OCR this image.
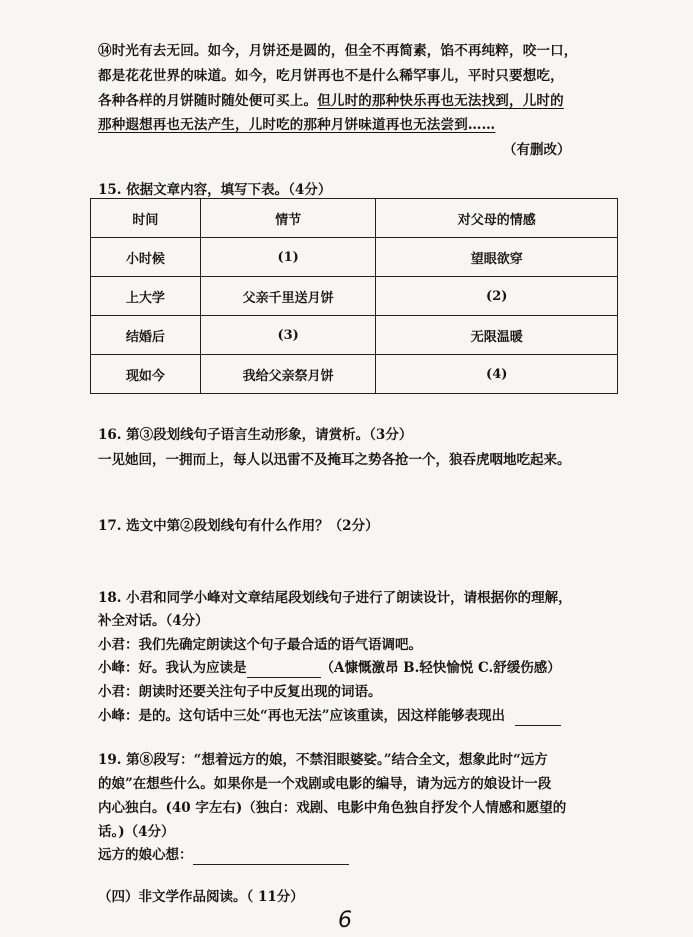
⑭时光有去无回。如今，月饼还是圆的，但全不再简素，馅不再纯粹，咬一口，
都是花花世界的味道。如今，吃月饼再也不是什么稀罕事儿，平时只要想吃，
各种各样的月饼随时随处便可买上。但儿时的那种快乐再也无法找到，儿时的
那种遐想再也无法产生，儿时吃的那种月饼味道再也无法尝到……
（有删改）
15. 依据文章内容，填写下表。（4分）
时间	情节	对父母的情感
小时候	(1)	望眼欲穿
上大学	父亲千里送月饼	(2)
结婚后	(3)	无限温暖
现如今	我给父亲祭月饼	(4)
16. 第③段划线句子语言生动形象，请赏析。（3分）
一见她回，一拥而上，每人以迅雷不及掩耳之势各抢一个，狼吞虎咽地吃起来。
17. 选文中第②段划线句有什么作用？（2分）
18. 小君和同学小峰对文章结尾段划线句子进行了朗读设计，请根据你的理解，
补全对话。（4分）
小君：我们先确定朗读这个句子最合适的语气语调吧。
小峰：好。我认为应读是	（A慷慨激昂 B.轻快愉悦 C.舒缓伤感）
小君：朗读时还要关注句子中反复出现的词语。
小峰：是的。这句话中三处“再也无法”应该重读，因这样能够表现出
19. 第⑧段写：“想着远方的娘，不禁泪眼婆娑。”结合全文，想象此时“远方
的娘”在想些什么。如果你是一个戏剧或电影的编导，请为远方的娘设计一段
内心独白。(40 字左右)（独白：戏剧、电影中角色独自抒发个人情感和愿望的
话。)（4分）
远方的娘心想：
（四）非文学作品阅读。（ 11分）
6
